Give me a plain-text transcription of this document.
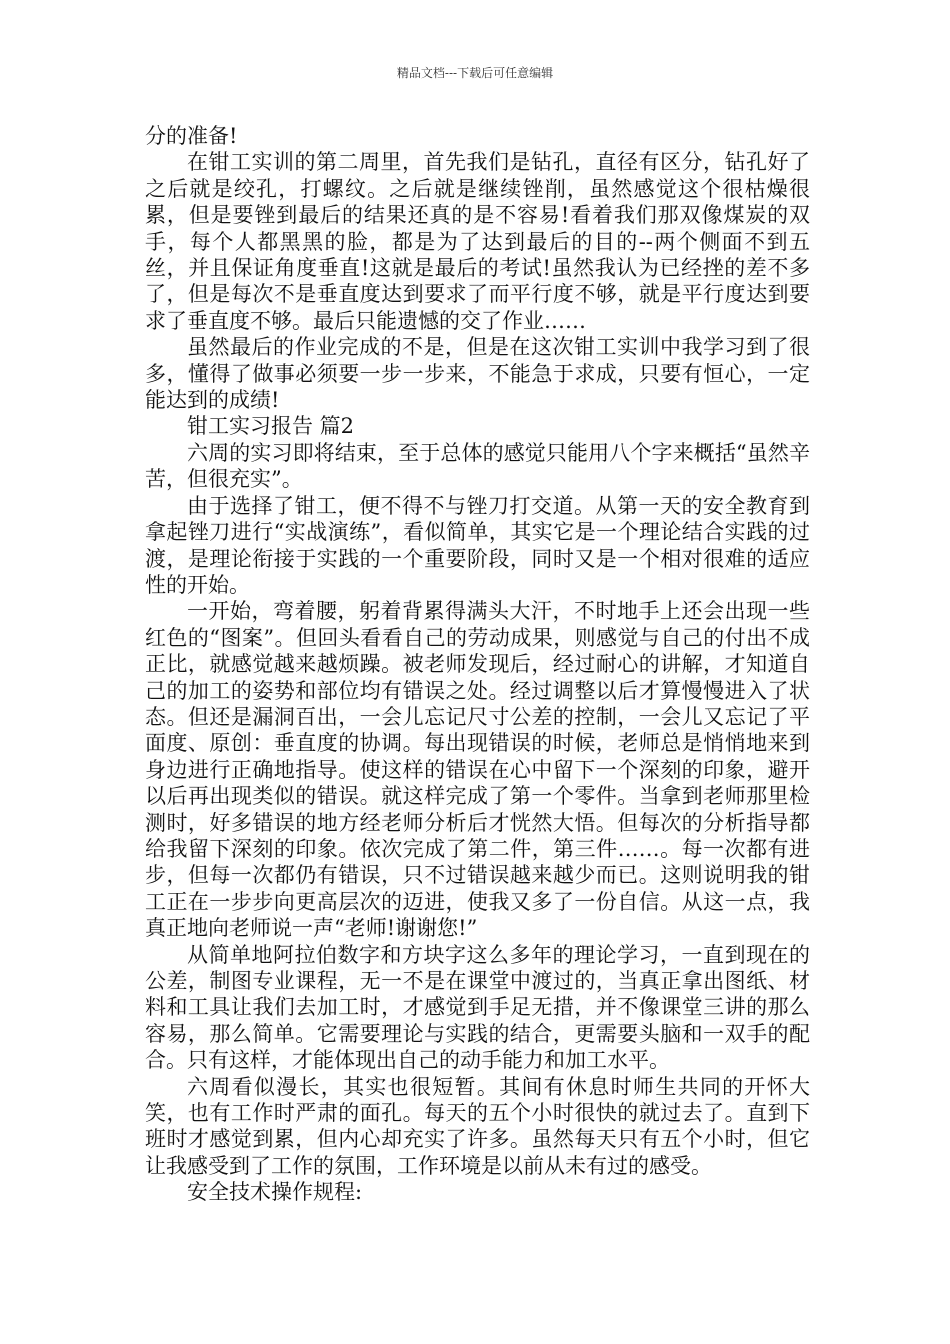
精品文档---下载后可任意编辑

分的准备!

在钳工实训的第二周里，首先我们是钻孔，直径有区分，钻孔好了之后就是绞孔，打螺纹。之后就是继续锉削，虽然感觉这个很枯燥很累，但是要锉到最后的结果还真的是不容易!看着我们那双像煤炭的双手，每个人都黑黑的脸，都是为了达到最后的目的--两个侧面不到五丝，并且保证角度垂直!这就是最后的考试!虽然我认为已经挫的差不多了，但是每次不是垂直度达到要求了而平行度不够，就是平行度达到要求了垂直度不够。最后只能遗憾的交了作业……

虽然最后的作业完成的不是，但是在这次钳工实训中我学习到了很多，懂得了做事必须要一步一步来，不能急于求成，只要有恒心，一定能达到的成绩!

钳工实习报告 篇2

六周的实习即将结束，至于总体的感觉只能用八个字来概括“虽然辛苦，但很充实”。

由于选择了钳工，便不得不与锉刀打交道。从第一天的安全教育到拿起锉刀进行“实战演练”，看似简单，其实它是一个理论结合实践的过渡，是理论衔接于实践的一个重要阶段，同时又是一个相对很难的适应性的开始。

一开始，弯着腰，躬着背累得满头大汗，不时地手上还会出现一些红色的“图案”。但回头看看自己的劳动成果，则感觉与自己的付出不成正比，就感觉越来越烦躁。被老师发现后，经过耐心的讲解，才知道自己的加工的姿势和部位均有错误之处。经过调整以后才算慢慢进入了状态。但还是漏洞百出，一会儿忘记尺寸公差的控制，一会儿又忘记了平面度、原创：垂直度的协调。每出现错误的时候，老师总是悄悄地来到身边进行正确地指导。使这样的错误在心中留下一个深刻的印象，避开以后再出现类似的错误。就这样完成了第一个零件。当拿到老师那里检测时，好多错误的地方经老师分析后才恍然大悟。但每次的分析指导都给我留下深刻的印象。依次完成了第二件，第三件……。每一次都有进步，但每一次都仍有错误，只不过错误越来越少而已。这则说明我的钳工正在一步步向更高层次的迈进，使我又多了一份自信。从这一点，我真正地向老师说一声“老师!谢谢您!”

从简单地阿拉伯数字和方块字这么多年的理论学习，一直到现在的公差，制图专业课程，无一不是在课堂中渡过的，当真正拿出图纸、材料和工具让我们去加工时，才感觉到手足无措，并不像课堂三讲的那么容易，那么简单。它需要理论与实践的结合，更需要头脑和一双手的配合。只有这样，才能体现出自己的动手能力和加工水平。

六周看似漫长，其实也很短暂。其间有休息时师生共同的开怀大笑，也有工作时严肃的面孔。每天的五个小时很快的就过去了。直到下班时才感觉到累，但内心却充实了许多。虽然每天只有五个小时，但它让我感受到了工作的氛围，工作环境是以前从未有过的感受。

安全技术操作规程:
